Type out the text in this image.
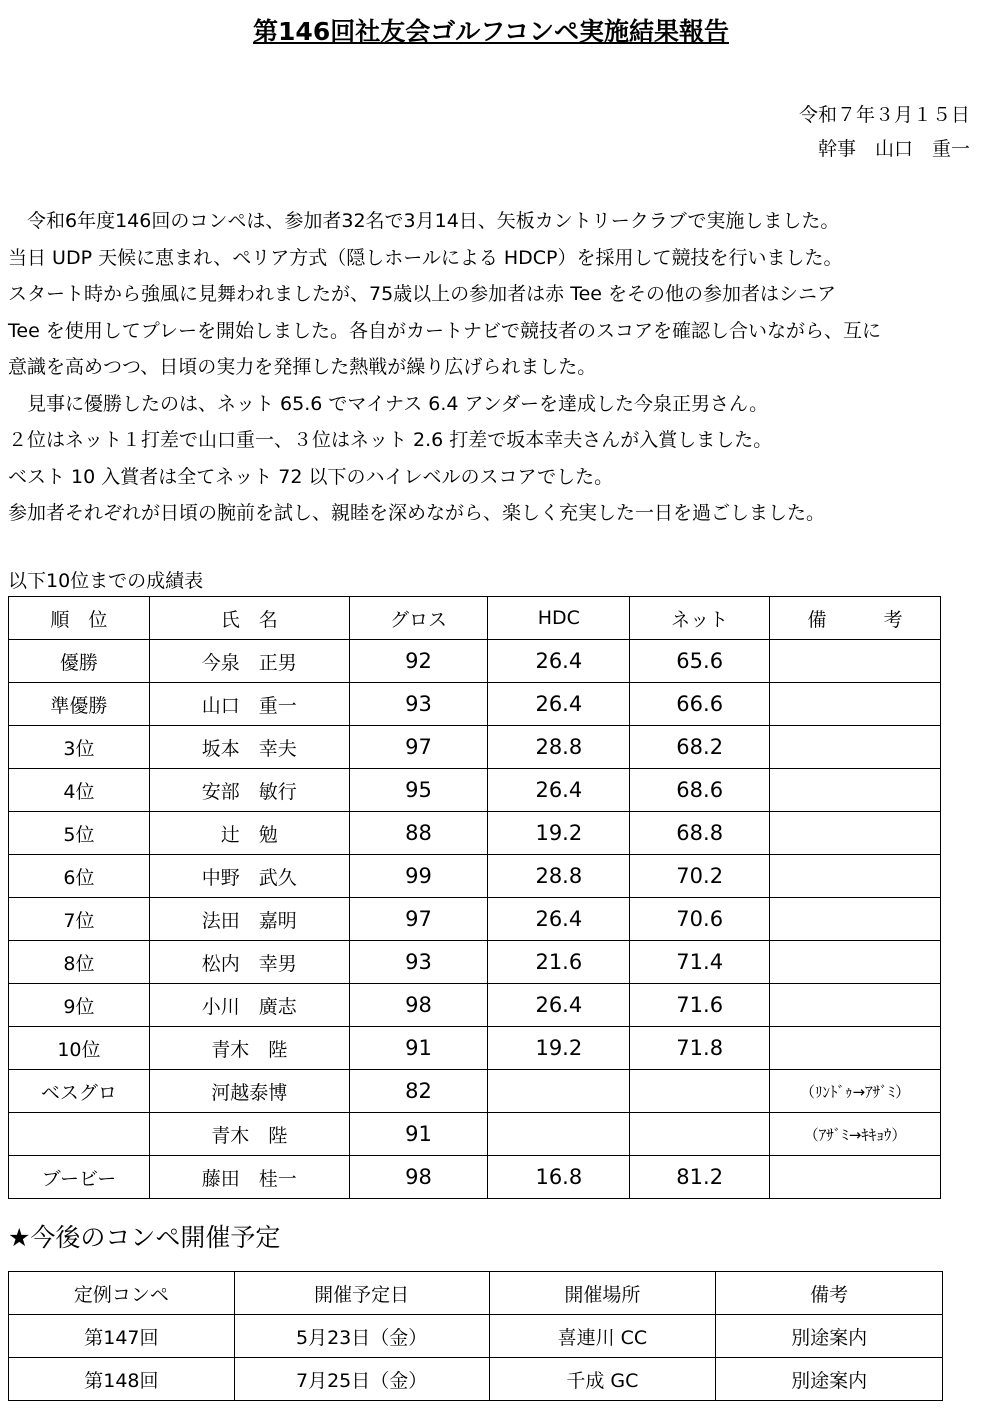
第146回社友会ゴルフコンペ実施結果報告
令和７年３月１５日
幹事　山口　重一

　令和6年度146回のコンペは、参加者32名で3月14日、矢板カントリークラブで実施しました。

当日 UDP 天候に恵まれ、ペリア方式（隠しホールによる HDCP）を採用して競技を行いました。

スタート時から強風に見舞われましたが、75歳以上の参加者は赤 Tee をその他の参加者はシニア

Tee を使用してプレーを開始しました。各自がカートナビで競技者のスコアを確認し合いながら、互に

意識を高めつつ、日頃の実力を発揮した熱戦が繰り広げられました。

　見事に優勝したのは、ネット 65.6 でマイナス 6.4 アンダーを達成した今泉正男さん。

２位はネット１打差で山口重一、３位はネット 2.6 打差で坂本幸夫さんが入賞しました。

ベスト 10 入賞者は全てネット 72 以下のハイレベルのスコアでした。

参加者それぞれが日頃の腕前を試し、親睦を深めながら、楽しく充実した一日を過ごしました。

以下10位までの成績表
順　位	氏　名	グロス	HDC	ネット	備　　　考
優勝	今泉　正男	92	26.4	65.6	
準優勝	山口　重一	93	26.4	66.6	
3位	坂本　幸夫	97	28.8	68.2	
4位	安部　敏行	95	26.4	68.6	
5位	辻　勉	88	19.2	68.8	
6位	中野　武久	99	28.8	70.2	
7位	法田　嘉明	97	26.4	70.6	
8位	松内　幸男	93	21.6	71.4	
9位	小川　廣志	98	26.4	71.6	
10位	青木　陛	91	19.2	71.8	
ベスグロ	河越泰博	82			（ﾘﾝﾄﾞｩ→ｱｻﾞﾐ）
	青木　陛	91			（ｱｻﾞﾐ→ｷｷｮｳ）
ブービー	藤田　桂一	98	16.8	81.2	
★今後のコンペ開催予定
定例コンペ	開催予定日	開催場所	備考
第147回	5月23日（金）	喜連川 CC	別途案内
第148回	7月25日（金）	千成 GC	別途案内
